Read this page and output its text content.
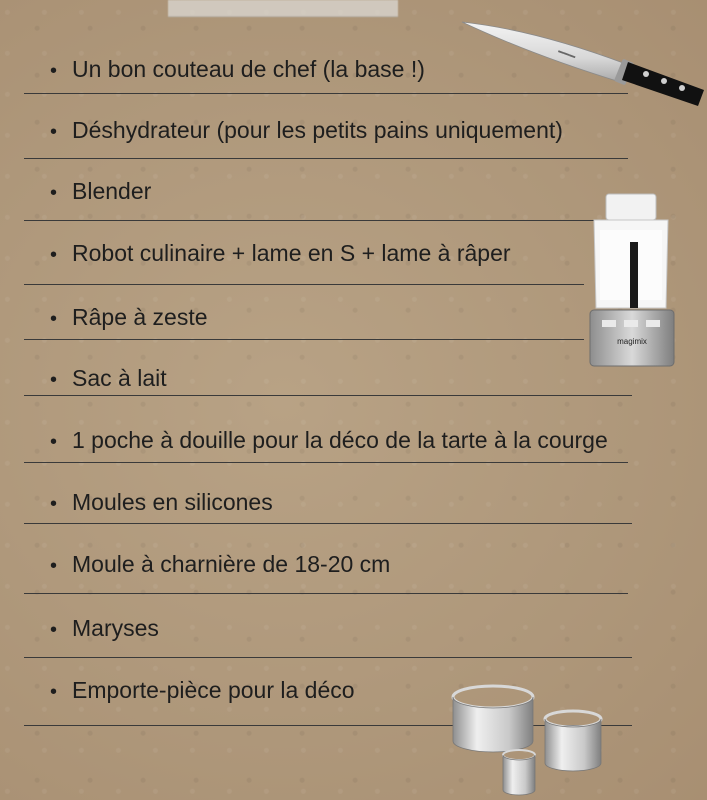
• Un bon couteau de chef (la base !)
• Déshydrateur (pour les petits pains uniquement)
• Blender
• Robot culinaire + lame en S + lame à râper
• Râpe à zeste
• Sac à lait
• 1 poche à douille pour la déco de la tarte à la courge
• Moules en silicones
• Moule à charnière de 18-20 cm
• Maryses
• Emporte-pièce pour la déco
▬▬▬
magimix
